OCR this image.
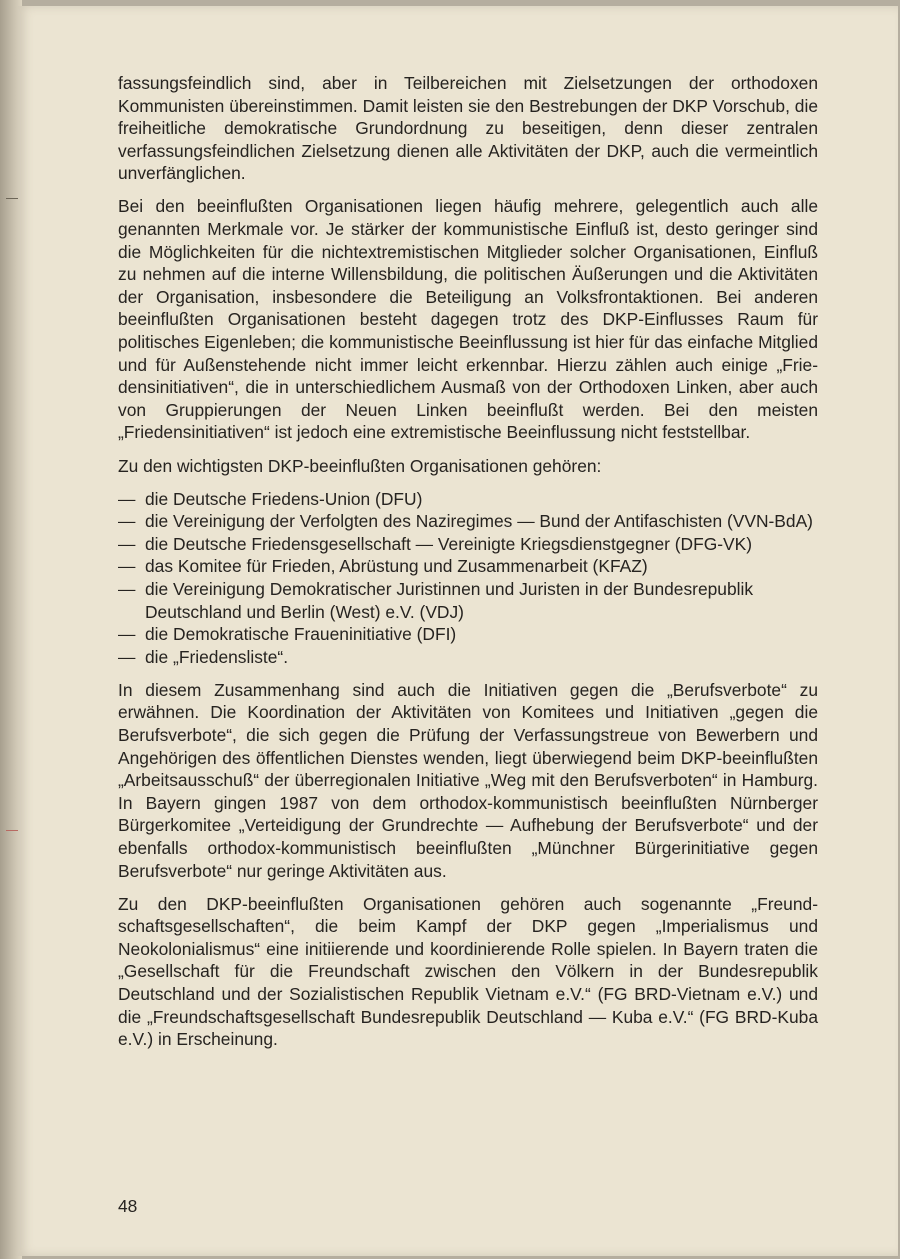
fassungsfeindlich sind, aber in Teilbereichen mit Zielsetzungen der orthodoxen Kommunisten übereinstimmen. Damit leisten sie den Bestrebungen der DKP Vorschub, die freiheitliche demokratische Grundordnung zu beseitigen, denn dieser zentralen verfassungsfeindlichen Zielsetzung dienen alle Aktivitäten der DKP, auch die vermeintlich unverfänglichen.

Bei den beeinflußten Organisationen liegen häufig mehrere, gelegentlich auch alle genannten Merkmale vor. Je stärker der kommunistische Einfluß ist, desto geringer sind die Möglichkeiten für die nichtextremistischen Mitglieder solcher Organisationen, Einfluß zu nehmen auf die interne Willensbildung, die politischen Äußerungen und die Aktivitäten der Organisation, insbesondere die Beteiligung an Volksfrontaktionen. Bei anderen beeinflußten Organisationen besteht dagegen trotz des DKP-Einflusses Raum für politisches Eigenleben; die kommunistische Beeinflussung ist hier für das einfache Mitglied und für Außenstehende nicht immer leicht erkennbar. Hierzu zählen auch einige „Friedensinitiativen“, die in unterschiedlichem Ausmaß von der Orthodoxen Linken, aber auch von Gruppierungen der Neuen Linken beeinflußt werden. Bei den meisten „Friedensinitiativen“ ist jedoch eine extremistische Beeinflussung nicht feststellbar.

Zu den wichtigsten DKP-beeinflußten Organisationen gehören:

— die Deutsche Friedens-Union (DFU)
— die Vereinigung der Verfolgten des Naziregimes — Bund der Antifaschisten (VVN-BdA)
— die Deutsche Friedensgesellschaft — Vereinigte Kriegsdienstgegner (DFG-VK)
— das Komitee für Frieden, Abrüstung und Zusammenarbeit (KFAZ)
— die Vereinigung Demokratischer Juristinnen und Juristen in der Bundesrepublik Deutschland und Berlin (West) e.V. (VDJ)
— die Demokratische Fraueninitiative (DFI)
— die „Friedensliste“.

In diesem Zusammenhang sind auch die Initiativen gegen die „Berufsverbote“ zu erwähnen. Die Koordination der Aktivitäten von Komitees und Initiativen „gegen die Berufsverbote“, die sich gegen die Prüfung der Verfassungstreue von Bewerbern und Angehörigen des öffentlichen Dienstes wenden, liegt überwiegend beim DKP-beeinflußten „Arbeitsausschuß“ der überregionalen Initiative „Weg mit den Berufsverboten“ in Hamburg. In Bayern gingen 1987 von dem orthodox-kommunistisch beeinflußten Nürnberger Bürgerkomitee „Verteidigung der Grundrechte — Aufhebung der Berufsverbote“ und der ebenfalls orthodox-kommunistisch beeinflußten „Münchner Bürgerinitiative gegen Berufsverbote“ nur geringe Aktivitäten aus.

Zu den DKP-beeinflußten Organisationen gehören auch sogenannte „Freundschaftsgesellschaften“, die beim Kampf der DKP gegen „Imperialismus und Neokolonialismus“ eine initiierende und koordinierende Rolle spielen. In Bayern traten die „Gesellschaft für die Freundschaft zwischen den Völkern in der Bundesrepublik Deutschland und der Sozialistischen Republik Vietnam e.V.“ (FG BRD-Vietnam e.V.) und die „Freundschaftsgesellschaft Bundesrepublik Deutschland — Kuba e.V.“ (FG BRD-Kuba e.V.) in Erscheinung.

48
